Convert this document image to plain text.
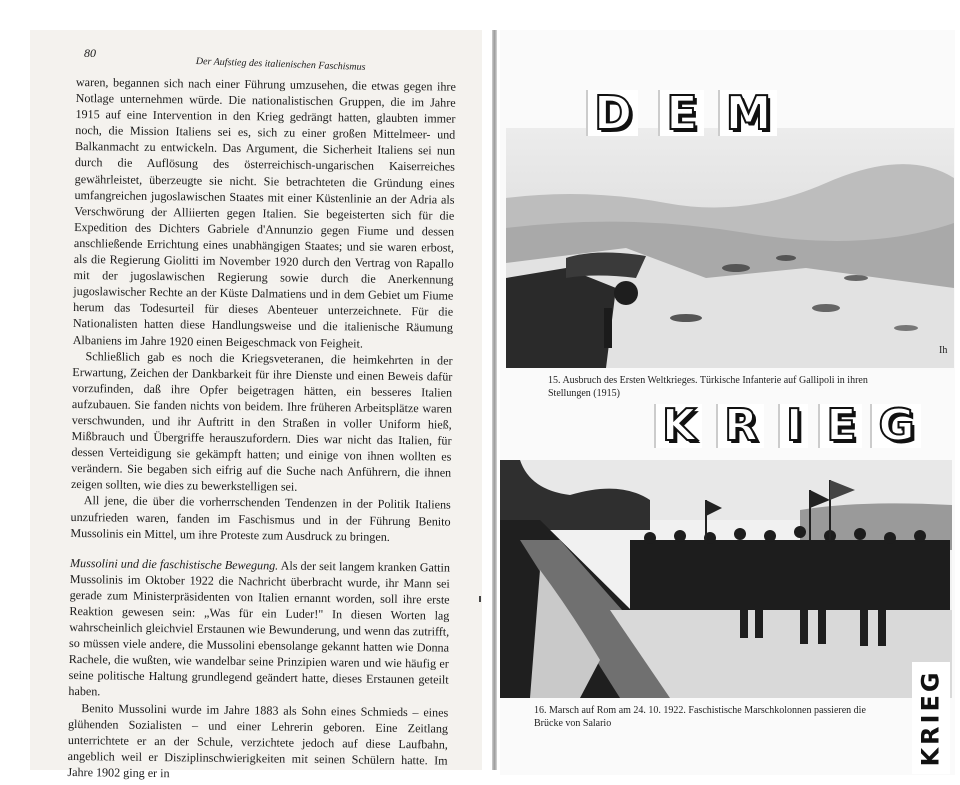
80
Der Aufstieg des italienischen Faschismus

waren, begannen sich nach einer Führung umzusehen, die etwas gegen ihre Notlage unternehmen würde. Die nationalistischen Gruppen, die im Jahre 1915 auf eine Intervention in den Krieg gedrängt hatten, glaubten immer noch, die Mission Italiens sei es, sich zu einer großen Mittelmeer- und Balkanmacht zu entwickeln. Das Argument, die Sicherheit Italiens sei nun durch die Auflösung des österreichisch-ungarischen Kaiserreiches gewährleistet, überzeugte sie nicht. Sie betrachteten die Gründung eines umfangreichen jugoslawischen Staates mit einer Küstenlinie an der Adria als Verschwörung der Alliierten gegen Italien. Sie begeisterten sich für die Expedition des Dichters Gabriele d'Annunzio gegen Fiume und dessen anschließende Errichtung eines unabhängigen Staates; und sie waren erbost, als die Regierung Giolitti im November 1920 durch den Vertrag von Rapallo mit der jugoslawischen Regierung sowie durch die Anerkennung jugoslawischer Rechte an der Küste Dalmatiens und in dem Gebiet um Fiume herum das Todesurteil für dieses Abenteuer unterzeichnete. Für die Nationalisten hatten diese Handlungsweise und die italienische Räumung Albaniens im Jahre 1920 einen Beigeschmack von Feigheit.

Schließlich gab es noch die Kriegsveteranen, die heimkehrten in der Erwartung, Zeichen der Dankbarkeit für ihre Dienste und einen Beweis dafür vorzufinden, daß ihre Opfer beigetragen hätten, ein besseres Italien aufzubauen. Sie fanden nichts von beidem. Ihre früheren Arbeitsplätze waren verschwunden, und ihr Auftritt in den Straßen in voller Uniform hieß, Mißbrauch und Übergriffe herauszufordern. Dies war nicht das Italien, für dessen Verteidigung sie gekämpft hatten; und einige von ihnen wollten es verändern. Sie begaben sich eifrig auf die Suche nach Anführern, die ihnen zeigen sollten, wie dies zu bewerkstelligen sei.

All jene, die über die vorherrschenden Tendenzen in der Politik Italiens unzufrieden waren, fanden im Faschismus und in der Führung Benito Mussolinis ein Mittel, um ihre Proteste zum Ausdruck zu bringen.

Mussolini und die faschistische Bewegung. Als der seit langem kranken Gattin Mussolinis im Oktober 1922 die Nachricht überbracht wurde, ihr Mann sei gerade zum Ministerpräsidenten von Italien ernannt worden, soll ihre erste Reaktion gewesen sein: „Was für ein Luder!" In diesen Worten lag wahrscheinlich gleichviel Erstaunen wie Bewunderung, und wenn das zutrifft, so müssen viele andere, die Mussolini ebensolange gekannt hatten wie Donna Rachele, die wußten, wie wandelbar seine Prinzipien waren und wie häufig er seine politische Haltung grundlegend geändert hatte, dieses Erstaunen geteilt haben.

Benito Mussolini wurde im Jahre 1883 als Sohn eines Schmieds – eines glühenden Sozialisten – und einer Lehrerin geboren. Eine Zeitlang unterrichtete er an der Schule, verzichtete jedoch auf diese Laufbahn, angeblich weil er Disziplinschwierigkeiten mit seinen Schülern hatte. Im Jahre 1902 ging er in

Ih
D E M
15. Ausbruch des Ersten Weltkrieges. Türkische Infanterie auf Gallipoli in ihren Stellungen (1915)
K R I E G
16. Marsch auf Rom am 24. 10. 1922. Faschistische Marschkolonnen passieren die Brücke von Salario	KRIEG
